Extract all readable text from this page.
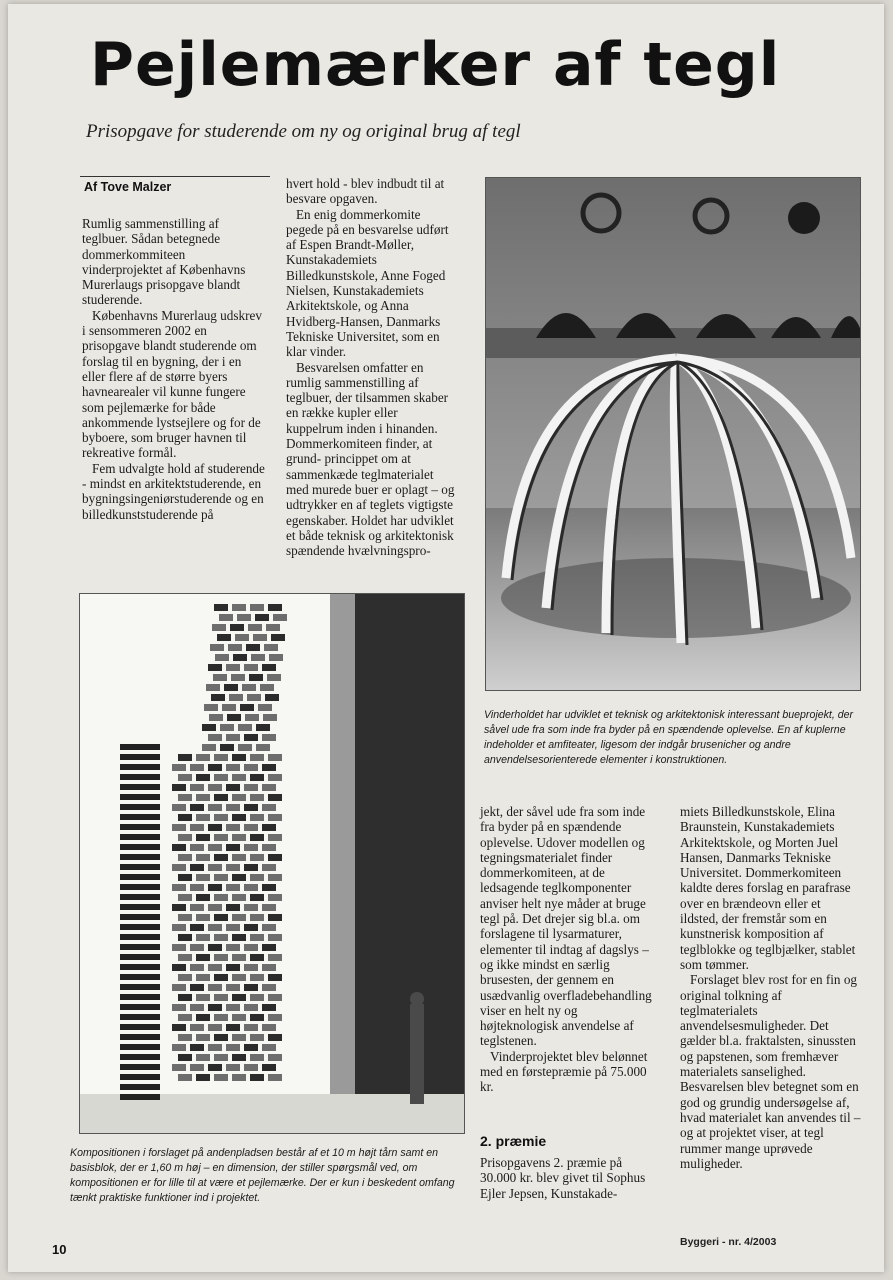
Pejlemærker af tegl
Prisopgave for studerende om ny og original brug af tegl
Af Tove Malzer

Rumlig sammenstilling af teglbuer. Sådan betegnede dommerkommiteen vinderprojektet af Københavns Murerlaugs prisopgave blandt studerende.

Københavns Murerlaug udskrev i sensommeren 2002 en prisopgave blandt studerende om forslag til en bygning, der i en eller flere af de større byers havnearealer vil kunne fungere som pejlemærke for både ankommende lystsejlere og for de byboere, som bruger havnen til rekreative formål.

Fem udvalgte hold af studerende - mindst en arkitektstuderende, en bygningsingeniørstuderende og en billedkunststuderende på

hvert hold - blev indbudt til at besvare opgaven.

En enig dommerkomite pegede på en besvarelse udført af Espen Brandt-Møller, Kunstakademiets Billedkunstskole, Anne Foged Nielsen, Kunstakademiets Arkitektskole, og Anna Hvidberg-Hansen, Danmarks Tekniske Universitet, som en klar vinder.

Besvarelsen omfatter en rumlig sammenstilling af teglbuer, der tilsammen skaber en række kupler eller kuppelrum inden i hinanden. Dommerkomiteen finder, at grund- princippet om at sammenkæde teglmaterialet med murede buer er oplagt – og udtrykker en af teglets vigtigste egenskaber. Holdet har udviklet et både teknisk og arkitektonisk spændende hvælvningspro-

Vinderholdet har udviklet et teknisk og arkitektonisk interessant bueprojekt, der såvel ude fra som inde fra byder på en spændende oplevelse. En af kuplerne indeholder et amfiteater, ligesom der indgår brusenicher og andre anvendelsesorienterede elementer i konstruktionen.
Kompositionen i forslaget på andenpladsen består af et 10 m højt tårn samt en basisblok, der er 1,60 m høj – en dimension, der stiller spørgsmål ved, om kompositionen er for lille til at være et pejlemærke. Der er kun i beskedent omfang tænkt praktiske funktioner ind i projektet.

jekt, der såvel ude fra som inde fra byder på en spændende oplevelse. Udover modellen og tegningsmaterialet finder dommerkomiteen, at de ledsagende teglkomponenter anviser helt nye måder at bruge tegl på. Det drejer sig bl.a. om forslagene til lysarmaturer, elementer til indtag af dagslys – og ikke mindst en særlig brusesten, der gennem en usædvanlig overfladebehandling viser en helt ny og højteknologisk anvendelse af teglstenen.

Vinderprojektet blev belønnet med en førstepræmie på 75.000 kr.

2. præmie

Prisopgavens 2. præmie på 30.000 kr. blev givet til Sophus Ejler Jepsen, Kunstakade-

miets Billedkunstskole, Elina Braunstein, Kunstakademiets Arkitektskole, og Morten Juel Hansen, Danmarks Tekniske Universitet. Dommerkomiteen kaldte deres forslag en parafrase over en brændeovn eller et ildsted, der fremstår som en kunstnerisk komposition af teglblokke og teglbjælker, stablet som tømmer.

Forslaget blev rost for en fin og original tolkning af teglmaterialets anvendelsesmuligheder. Det gælder bl.a. fraktalsten, sinussten og papstenen, som fremhæver materialets sanselighed. Besvarelsen blev betegnet som en god og grundig undersøgelse af, hvad materialet kan anvendes til – og at projektet viser, at tegl rummer mange uprøvede muligheder.

10	Byggeri - nr. 4/2003
